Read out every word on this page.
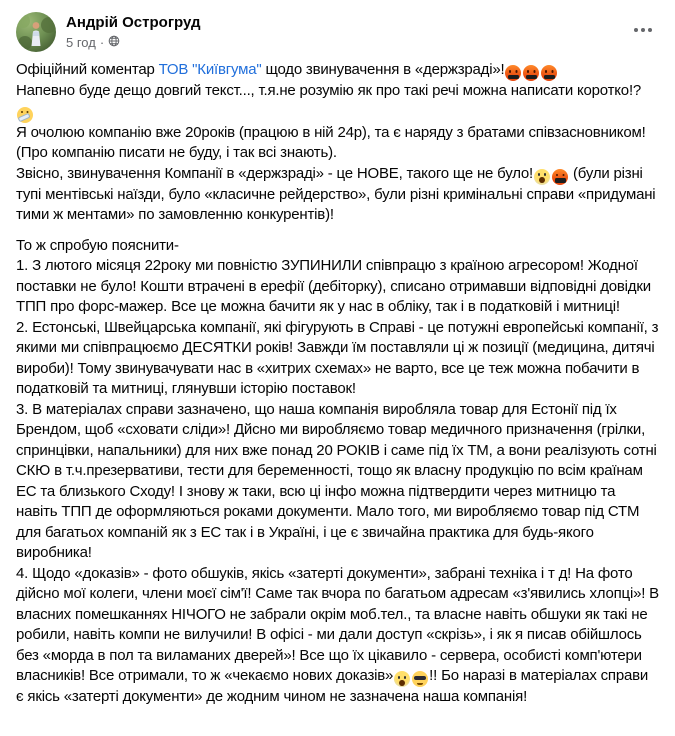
Андрій Острогруд
5 год ·
Офіційний коментар ТОВ "Київгума" щодо звинувачення в «держзраді»!
Напевно буде дещо довгий текст..., т.я.не розумію як про такі речі можна написати коротко!?
Я очолюю компанію вже 20років (працюю в ній 24р), та є наряду з братами співзасновником! (Про компанію писати не буду, і так всі знають).
Звісно, звинувачення Компанії в «держзраді» - це НОВЕ, такого ще не було! (були різні тупі ментівські наїзди, було «класичне рейдерство», були різні кримінальні справи «придумані тими ж ментами» по замовленню конкурентів)!
То ж спробую пояснити-
1. З лютого місяця 22року ми повністю ЗУПИНИЛИ співпрацю з країною агресором! Жодної поставки не було! Кошти втрачені в ерефії (дебіторку), списано отримавши відповідні довідки ТПП про форс-мажер. Все це можна бачити як у нас в обліку, так і в податковій і митниці!
2. Естонські, Швейцарська компанії, які фігурують в Справі - це потужні европейські компанії, з якими ми співпрацюємо ДЕСЯТКИ років! Завжди їм поставляли ці ж позиції (медицина, дитячі вироби)! Тому звинувачувати нас в «хитрих схемах» не варто, все це теж можна побачити в податковій та митниці, глянувши історію поставок!
3. В матеріалах справи зазначено, що наша компанія виробляла товар для Естонії під їх Брендом, щоб «сховати сліди»! Дйсно ми виробляємо товар медичного призначення (грілки, спринцівки, напальники) для них вже понад 20 РОКІВ і саме під їх ТМ, а вони реалізують сотні СКЮ в т.ч.презервативи, тести для беременності, тощо як власну продукцію по всім країнам ЕС та близького Сходу! І знову ж таки, всю ці інфо можна підтвердити через митницю та навіть ТПП де оформляються роками документи. Мало того, ми виробляємо товар під СТМ для багатьох компаній як з ЕС так і в Україні, і це є звичайна практика для будь-якого виробника!
4. Щодо «доказів» - фото обшуків, якісь «затерті документи», забрані техніка і т д! На фото дійсно мої колеги, члени моєї сім'ї! Саме так вчора по багатьом адресам «з'явились хлопці»! В власних помешканнях НІЧОГО не забрали окрім моб.тел., та власне навіть обшуки як такі не робили, навіть компи не вилучили! В офісі - ми дали доступ «скрізь», і як я писав обійшлось без «морда в пол та виламаних дверей»! Все що їх цікавило - сервера, особисті комп'ютери власників! Все отримали, то ж «чекаємо нових доказів» !! Бо наразі в матеріалах справи є якісь «затерті документи» де жодним чином не зазначена наша компанія!
